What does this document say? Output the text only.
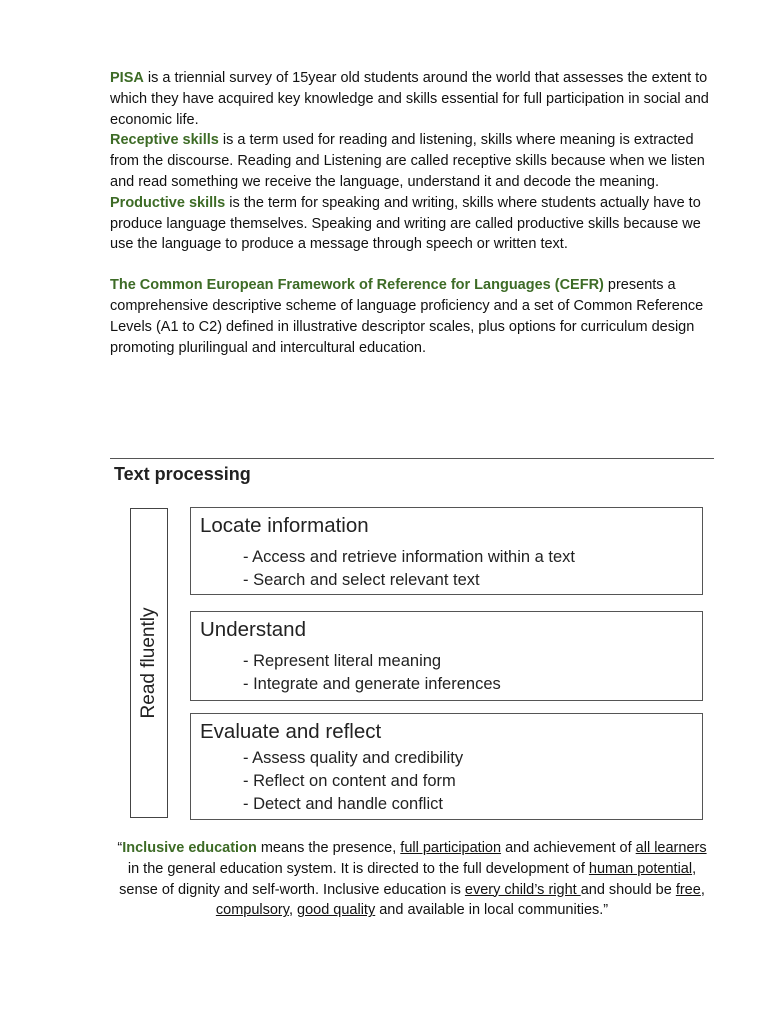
PISA is a triennial survey of 15year old students around the world that assesses the extent to which they have acquired key knowledge and skills essential for full participation in social and economic life.

Receptive skills is a term used for reading and listening, skills where meaning is extracted from the discourse. Reading and Listening are called receptive skills because when we listen and read something we receive the language, understand it and decode the meaning.

Productive skills is the term for speaking and writing, skills where students actually have to produce language themselves. Speaking and writing are called productive skills because we use the language to produce a message through speech or written text.

The Common European Framework of Reference for Languages (CEFR) presents a comprehensive descriptive scheme of language proficiency and a set of Common Reference Levels (A1 to C2) defined in illustrative descriptor scales, plus options for curriculum design promoting plurilingual and intercultural education.

Text processing
Read fluently
Locate information
- Access and retrieve information within a text
- Search and select relevant text
Understand
- Represent literal meaning
- Integrate and generate inferences
Evaluate and reflect
- Assess quality and credibility
- Reflect on content and form
- Detect and handle conflict

“Inclusive education means the presence, full participation and achievement of all learners in the general education system. It is directed to the full development of human potential, sense of dignity and self-worth. Inclusive education is every child’s right and should be free, compulsory, good quality and available in local communities.”
